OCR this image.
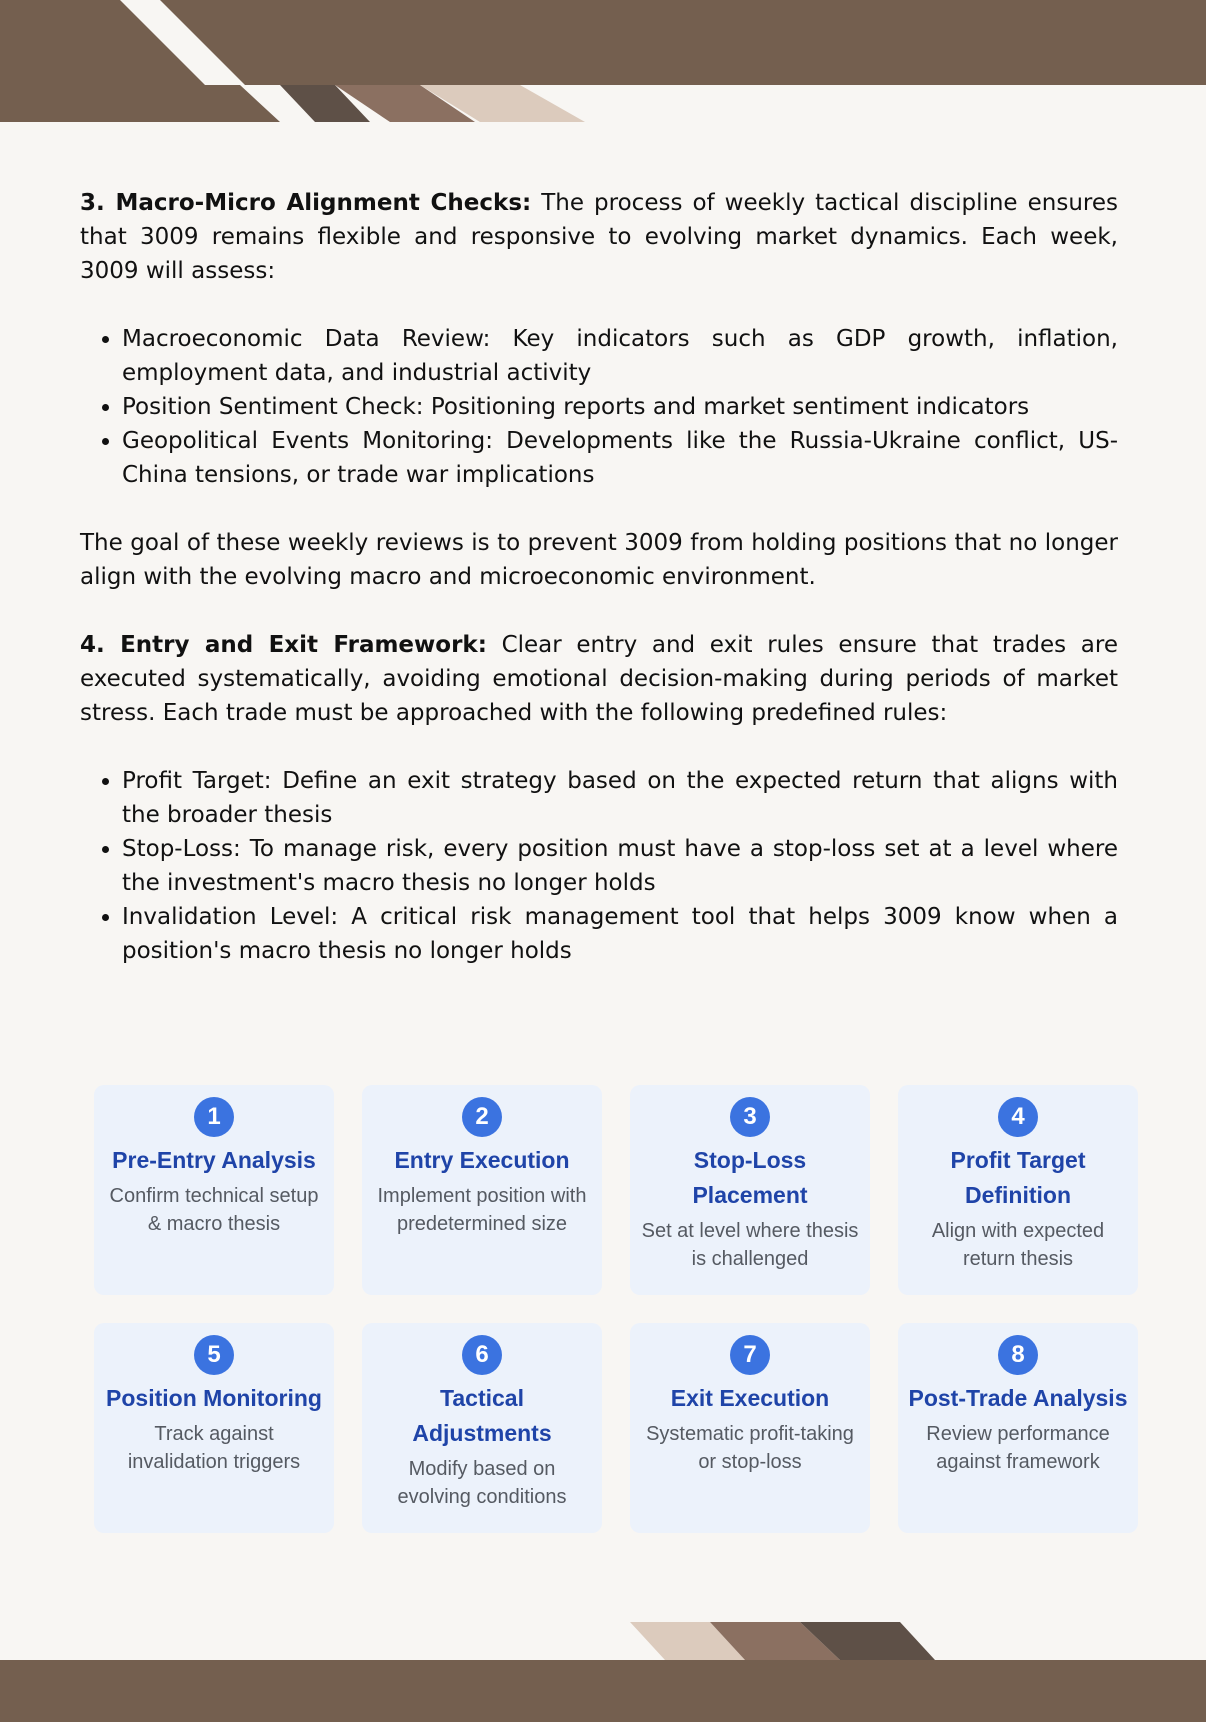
3. Macro-Micro Alignment Checks: The process of weekly tactical discipline ensures that 3009 remains flexible and responsive to evolving market dynamics. Each week, 3009 will assess:

• Macroeconomic Data Review: Key indicators such as GDP growth, inflation, employment data, and industrial activity
• Position Sentiment Check: Positioning reports and market sentiment indicators
• Geopolitical Events Monitoring: Developments like the Russia-Ukraine conflict, US-China tensions, or trade war implications

The goal of these weekly reviews is to prevent 3009 from holding positions that no longer align with the evolving macro and microeconomic environment.

4. Entry and Exit Framework: Clear entry and exit rules ensure that trades are executed systematically, avoiding emotional decision-making during periods of market stress. Each trade must be approached with the following predefined rules:

• Profit Target: Define an exit strategy based on the expected return that aligns with the broader thesis
• Stop-Loss: To manage risk, every position must have a stop-loss set at a level where the investment's macro thesis no longer holds
• Invalidation Level: A critical risk management tool that helps 3009 know when a position's macro thesis no longer holds
1
Pre-Entry Analysis
Confirm technical setup & macro thesis
2
Entry Execution
Implement position with predetermined size
3
Stop-Loss Placement
Set at level where thesis is challenged
4
Profit Target Definition
Align with expected return thesis
5
Position Monitoring
Track against invalidation triggers
6
Tactical Adjustments
Modify based on evolving conditions
7
Exit Execution
Systematic profit-taking or stop-loss
8
Post-Trade Analysis
Review performance against framework
